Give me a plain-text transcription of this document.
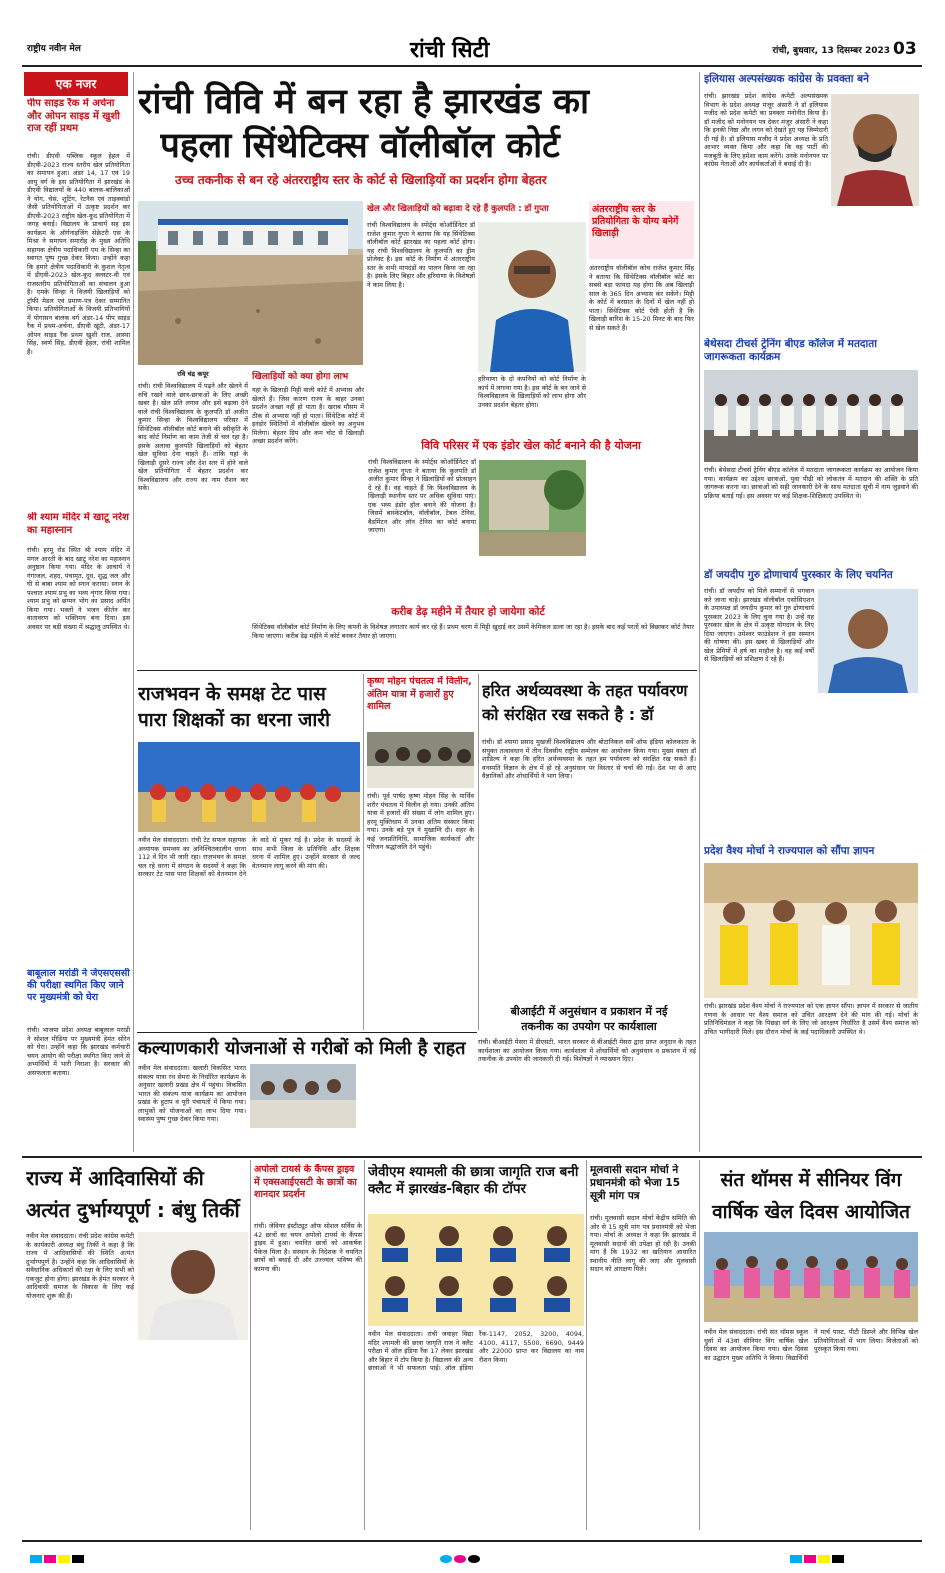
राष्ट्रीय नवीन मेल	रांची सिटी	रांची, बुधवार, 13 दिसम्बर 2023 03
एक नजर
पीप साइड रैंक में अर्चना और ओपन साइड में खुशी राज रहीं प्रथम
रांची। डीएवी पब्लिक स्कूल हेहल में डीएवी-2023 राज्य स्तरीय खेल प्रतियोगिता का समापन हुआ। अंडर 14, 17 एवं 19 आयु वर्ग के इस प्रतियोगिता में झारखंड के डीएवी विद्यालयों के 440 बालक-बालिकाओं ने योग, चेस, शूटिंग, रेटनैस एवं ताइक्वांडो जैसी प्रतियोगिताओं में उत्कृष्ट प्रदर्शन कर डीएवी-2023 राष्ट्रीय खेल-कूद प्रतियोगिता में जगह बनाई। विद्यालय के प्राचार्य सह इस कार्यक्रम के ऑर्गनाइजिंग सेक्रेटरी एस के मिश्रा ने समापन समारोह के मुख्य अतिथि सहायक क्षेत्रीय पदाधिकारी एम के सिन्हा का स्वागत पुष्प गुच्छ देकर किया। उन्होंने कहा कि हमारे क्षेत्रीय पदाधिकारी के कुशल नेतृत्व में डीएवी-2023 खेल-कूद क्लस्टर-वी एवं राजस्तरीय प्रतियोगिताओं का संचालन हुआ है। एमके सिन्हा ने विजयी खिलाड़ियों को ट्रॉफी मेडल एवं प्रमाण-पत्र देकर सम्मानित किया। प्रतियोगिताओं के विजयी प्रतिभागियों में योगासन बालक वर्ग अंडर-14 पीप साइड रैंक में प्रथम-अर्चना, डीएवी खूंटी, अंडर-17 ओपन साइड रैंक प्रथम खुशी राज, आस्था सिंह, स्वर्ण सिंह, डीएवी हेहल, रांची शामिल हैं।
श्री श्याम मंदिर में खाटू नरेश का महास्नान
रांची। हरमू रोड स्थित श्री श्याम मंदिर में मंगल आरती के बाद खाटू नरेश का महास्नान अनुष्ठान किया गया। मंदिर के आचार्य ने गंगाजल, शहद, पंचामृत, दूध, शुद्ध जल और घी से बाबा श्याम को स्नान कराया। स्नान के पश्चात श्याम प्रभु का भव्य शृंगार किया गया। श्याम प्रभु को छप्पन भोग का प्रसाद अर्पित किया गया। भक्तों ने भजन कीर्तन कर वातावरण को भक्तिमय बना दिया। इस अवसर पर बड़ी संख्या में श्रद्धालु उपस्थित थे।
बाबूलाल मरांडी ने जेएसएससी की परीक्षा स्थगित किए जाने पर मुख्यमंत्री को घेरा
रांची। भाजपा प्रदेश अध्यक्ष बाबूलाल मरांडी ने सोशल मीडिया पर मुख्यमंत्री हेमंत सोरेन को घेरा। उन्होंने कहा कि झारखंड कर्मचारी चयन आयोग की परीक्षा स्थगित किए जाने से अभ्यर्थियों में भारी निराशा है। सरकार की असफलता बताया।
रांची विवि में बन रहा है झारखंड का
पहला सिंथेटिक्स वॉलीबॉल कोर्ट
उच्च तकनीक से बन रहे अंतरराष्ट्रीय स्तर के कोर्ट से खिलाड़ियों का प्रदर्शन होगा बेहतर
खेल और खिलाड़ियों को बढ़ावा दे रहे हैं कुलपति : डॉ गुप्ता
रांची विश्वविद्यालय के स्पोर्ट्स कोऑर्डिनेटर डॉ राजेश कुमार गुप्ता ने बताया कि यह सिंथेटिक्स वॉलीबॉल कोर्ट झारखंड का पहला कोर्ट होगा। यह रांची विश्वविद्यालय के कुलपति का ड्रीम प्रोजेक्ट है। इस कोर्ट के निर्माण में अंतरराष्ट्रीय स्तर के सभी मापदंडों का पालन किया जा रहा है। इसके लिए बिहार और हरियाणा के विशेषज्ञों ने काम लिया है।
हरियाणा के दो कंपनियों को कोर्ट निर्माण के कार्य में लगाया गया है। इस कोर्ट के बन जाने से विश्वविद्यालय के खिलाड़ियों को लाभ होगा और उनका प्रदर्शन बेहतर होगा।
अंतरराष्ट्रीय स्तर के प्रतियोगिता के योग्य बनेगें खिलाड़ी
अंतरराष्ट्रीय वॉलीबॉल कोच राजेश कुमार सिंह ने बताया कि सिंथेटिक्स वॉलीबॉल कोर्ट का सबसे बड़ा फायदा यह होगा कि अब खिलाड़ी साल के 365 दिन अभ्यास कर सकेंगे। मिट्टी के कोर्ट में बरसात के दिनों में खेल नहीं हो पाता। सिंथेटिक्स कोर्ट ऐसी होती है कि खिलाड़ी बारिश के 15-20 मिनट के बाद फिर से खेल सकते हैं।
रवि चंद्र कपूर
रांची। रांची विश्वविद्यालय में पढ़ने और खेलने में रुचि रखने वाले छात्र-छात्राओं के लिए अच्छी खबर है। खेल प्रति लगाव और इसे बढ़ावा देने वाले रांची विश्वविद्यालय के कुलपति डॉ अजीत कुमार सिन्हा के विश्वविद्यालय परिसर में सिंथेटिक्स वॉलीबॉल कोर्ट बनाने की स्वीकृति के बाद कोर्ट निर्माण का काम तेजी से चल रहा है। इसके अलावा कुलपति खिलाड़ियों को बेहतर खेल सुविधा देना चाहते हैं। ताकि यहां के खिलाड़ी दूसरे राज्य और देश स्तर में होने वाले खेल प्रतियोगिता में बेहतर प्रदर्शन कर विश्वविद्यालय और राज्य का नाम रौशन कर सकें।
खिलाड़ियों को क्या होगा लाभ
यहां के खिलाड़ी मिट्टी वाली कोर्ट में अभ्यास और खेलते हैं। जिस कारण राज्य के बाहर उनका प्रदर्शन अच्छा नहीं हो पाता है। खराब मौसम में ठीक से अभ्यास नहीं हो पाता। सिंथेटिक कोर्ट में इनडोर स्थितियों में वॉलीबॉल खेलने का अनुभव मिलेगा। बेहतर ग्रिप और कम चोट से खिलाड़ी अच्छा प्रदर्शन करेंगे।	विवि परिसर में एक इंडोर खेल कोर्ट बनाने की है योजना
रांची विश्वविद्यालय के स्पोर्ट्स कोऑर्डिनेटर डॉ राजेश कुमार गुप्ता ने बताया कि कुलपति डॉ अजीत कुमार सिन्हा ने खिलाड़ियों को प्रोत्साहन दे रहे हैं। वह चाहते हैं कि विश्वविद्यालय के खिलाड़ी स्थानीय स्तर पर अधिक सुविधा पाएं। एक भव्य इंडोर हॉल बनाने की योजना है। जिसमें बास्केटबॉल, वॉलीबॉल, टेबल टेनिस, बैडमिंटन और लॉन टेनिस का कोर्ट बनाया जाएगा।
करीब डेढ़ महीने में तैयार हो जायेगा कोर्ट
सिंथेटिक्स वॉलीबॉल कोर्ट निर्माण के लिए कंपनी के विशेषज्ञ लगातार कार्य कर रहे हैं। प्रथम चरण में मिट्टी खुदाई कर उसमें केमिकल डाला जा रहा है। इसके बाद कई परतों को बिछाकर कोर्ट तैयार किया जाएगा। करीब डेढ़ महीने में कोर्ट बनकर तैयार हो जाएगा।
इलियास अल्पसंख्यक कांग्रेस के प्रवक्ता बने
रांची। झारखंड प्रदेश कांग्रेस कमेटी अल्पसंख्यक विभाग के प्रदेश अध्यक्ष मंजूर अंसारी ने डॉ इलियास मजीद को प्रदेश कमेटी का प्रवक्ता मनोनीत किया है। डॉ मजीद को मनोनयन पत्र देकर मंजूर अंसारी ने कहा कि इनकी निष्ठा और लगन को देखते हुए यह जिम्मेदारी दी गई है। डॉ इलियास मजीद ने प्रदेश अध्यक्ष के प्रति आभार व्यक्त किया और कहा कि वह पार्टी की मजबूती के लिए हमेशा काम करेंगे। उनके मनोनयन पर कांग्रेस नेताओं और कार्यकर्ताओं ने बधाई दी है।
बेथेसदा टीचर्स ट्रेनिंग बीएड कॉलेज में मतदाता जागरूकता कार्यक्रम
रांची। बेथेसदा टीचर्स ट्रेनिंग बीएड कॉलेज में मतदाता जागरूकता कार्यक्रम का आयोजन किया गया। कार्यक्रम का उद्देश्य छात्राओं, युवा पीढ़ी को लोकतंत्र में मतदान की शक्ति के प्रति जागरूक करना था। छात्राओं को सही जानकारी देने के साथ मतदाता सूची में नाम जुड़वाने की प्रक्रिया बताई गई। इस अवसर पर कई शिक्षक-शिक्षिकाएं उपस्थित थे।
डॉ जयदीप गुरु द्रोणाचार्य पुरस्कार के लिए चयनित
रांची। डॉ जयदीप को मिले सम्मानों से भगवान करे जाना चाहे। झारखंड वॉलीबॉल एसोसिएशन के उपाध्यक्ष डॉ जयदीप कुमार को गुरु द्रोणाचार्य पुरस्कार 2023 के लिए चुना गया है। उन्हें यह पुरस्कार खेल के क्षेत्र में उत्कृष्ट योगदान के लिए दिया जाएगा। उमेश्वर फाउंडेशन ने इस सम्मान की घोषणा की। इस खबर से खिलाड़ियों और खेल प्रेमियों में हर्ष का माहौल है। वह कई वर्षों से खिलाड़ियों को प्रशिक्षण दे रहे हैं।
प्रदेश वैश्य मोर्चा ने राज्यपाल को सौंपा ज्ञापन
रांची। झारखंड प्रदेश वैश्य मोर्चा ने राज्यपाल को एक ज्ञापन सौंपा। ज्ञापन में सरकार से जातीय गणना के आधार पर वैश्य समाज को उचित आरक्षण देने की मांग की गई। मोर्चा के प्रतिनिधिमंडल ने कहा कि पिछड़ा वर्ग के लिए जो आरक्षण निर्धारित है उसमें वैश्य समाज को उचित भागीदारी मिले। इस दौरान मोर्चा के कई पदाधिकारी उपस्थित थे।
राजभवन के समक्ष टेट पास
पारा शिक्षकों का धरना जारी
नवीन मेल संवाददाता। रांची टेट सफल सहायक अध्यापक समन्वय का अनिश्चितकालीन धरना 112 वें दिन भी जारी रहा। राजभवन के समक्ष चल रहे धरना में संगठन के सदस्यों ने कहा कि सरकार टेट पास पारा शिक्षकों को वेतनमान देने के वादे से मुकर गई है। प्रदेश के सदस्यों के साथ सभी जिला के प्रतिनिधि और शिक्षक धरना में शामिल हुए। उन्होंने सरकार से जल्द वेतनमान लागू करने की मांग की।
कृष्ण मोहन पंचतत्व में विलीन, अंतिम यात्रा में हजारों हुए शामिल
रांची। पूर्व पार्षद कृष्ण मोहन सिंह के पार्थिव शरीर पंचतत्व में विलीन हो गया। उनकी अंतिम यात्रा में हजारों की संख्या में लोग शामिल हुए। हरमू मुक्तिधाम में उनका अंतिम संस्कार किया गया। उनके बड़े पुत्र ने मुखाग्नि दी। शहर के कई जनप्रतिनिधि, सामाजिक कार्यकर्ता और परिजन श्रद्धांजलि देने पहुंचे।
हरित अर्थव्यवस्था के तहत पर्यावरण
को संरक्षित रख सकते है : डॉ
रांची। डॉ श्यामा प्रसाद मुखर्जी विश्वविद्यालय और बोटानिकल सर्वे ऑफ इंडिया कोलकाता के संयुक्त तत्वावधान में तीन दिवसीय राष्ट्रीय सम्मेलन का आयोजन किया गया। मुख्य वक्ता डॉ शांडिल्य ने कहा कि हरित अर्थव्यवस्था के तहत हम पर्यावरण को संरक्षित रख सकते हैं। वनस्पति विज्ञान के क्षेत्र में हो रहे अनुसंधान पर विस्तार से चर्चा की गई। देश भर से आए वैज्ञानिकों और शोधार्थियों ने भाग लिया।
बीआईटी में अनुसंधान व प्रकाशन में नई
तकनीक का उपयोग पर कार्यशाला
रांची। बीआईटी मेसरा में डीएसटी, भारत सरकार से बीआईटी मेसरा द्वारा प्राप्त अनुदान के तहत कार्यशाला का आयोजन किया गया। कार्यशाला में शोधार्थियों को अनुसंधान व प्रकाशन में नई तकनीक के उपयोग की जानकारी दी गई। विशेषज्ञों ने व्याख्यान दिए।
कल्याणकारी योजनाओं से गरीबों को मिली है राहत
नवीन मेल संवाददाता। खलारी विकसित भारत संकल्प यात्रा रथ सेमरा के निर्धारित कार्यक्रम के अनुसार खलारी प्रखंड क्षेत्र में पहुंचा। विकसित भारत की संकल्प यात्रा कार्यक्रम का आयोजन प्रखंड के हुटाप व पूरी पंचायतों में किया गया। लाभुकों को योजनाओं का लाभ दिया गया। स्वास्थ्य पुष्प गुच्छ देकर किया गया।
राज्य में आदिवासियों की
अत्यंत दुर्भाग्यपूर्ण : बंधु तिर्की
नवीन मेल संवाददाता। रांची प्रदेश कांग्रेस कमेटी के कार्यकारी अध्यक्ष बंधु तिर्की ने कहा है कि राज्य में आदिवासियों की स्थिति अत्यंत दुर्भाग्यपूर्ण है। उन्होंने कहा कि आदिवासियों के संवैधानिक अधिकारों की रक्षा के लिए सभी को एकजुट होना होगा। झारखंड के हेमंत सरकार ने आदिवासी समाज के विकास के लिए कई योजनाएं शुरू की हैं।
अपोलो टायर्स के कैंपस ड्राइव में एक्सआईएसटी के छात्रों का शानदार प्रदर्शन
रांची। जेवियर इंस्टीट्यूट ऑफ सोशल सर्विस के 42 छात्रों का चयन अपोलो टायर्स के कैंपस ड्राइव में हुआ। चयनित छात्रों को आकर्षक पैकेज मिला है। संस्थान के निदेशक ने चयनित छात्रों को बधाई दी और उज्ज्वल भविष्य की कामना की।
जेवीएम श्यामली की छात्रा जागृति राज बनी क्लैट में झारखंड-बिहार की टॉपर
नवीन मेल संवाददाता। रांची जवाहर विद्या मंदिर श्यामली की छात्रा जागृति राज ने क्लैट परीक्षा में ऑल इंडिया रैंक 17 लेकर झारखंड और बिहार में टॉप किया है। विद्यालय की अन्य छात्राओं ने भी सफलता पाई। ऑल इंडिया रैंक-1147, 2052, 3200, 4094, 4100, 4117, 5500, 6690, 9449 और 22000 प्राप्त कर विद्यालय का नाम रौशन किया।
मूलवासी सदान मोर्चा ने प्रधानमंत्री को भेजा 15 सूत्री मांग पत्र
रांची। मूलवासी सदान मोर्चा केंद्रीय समिति की ओर से 15 सूत्री मांग पत्र प्रधानमंत्री को भेजा गया। मोर्चा के अध्यक्ष ने कहा कि झारखंड में मूलवासी सदानों की उपेक्षा हो रही है। उनकी मांग है कि 1932 का खतियान आधारित स्थानीय नीति लागू की जाए और मूलवासी सदान को आरक्षण मिले।
संत थॉमस में सीनियर विंग
वार्षिक खेल दिवस आयोजित
नवीन मेल संवाददाता। रांची संत थॉमस स्कूल धुर्वा में 43वां सीनियर विंग वार्षिक खेल दिवस का आयोजन किया गया। खेल दिवस का उद्घाटन मुख्य अतिथि ने किया। विद्यार्थियों ने मार्च पास्ट, पीटी डिस्प्ले और विभिन्न खेल प्रतियोगिताओं में भाग लिया। विजेताओं को पुरस्कृत किया गया।
